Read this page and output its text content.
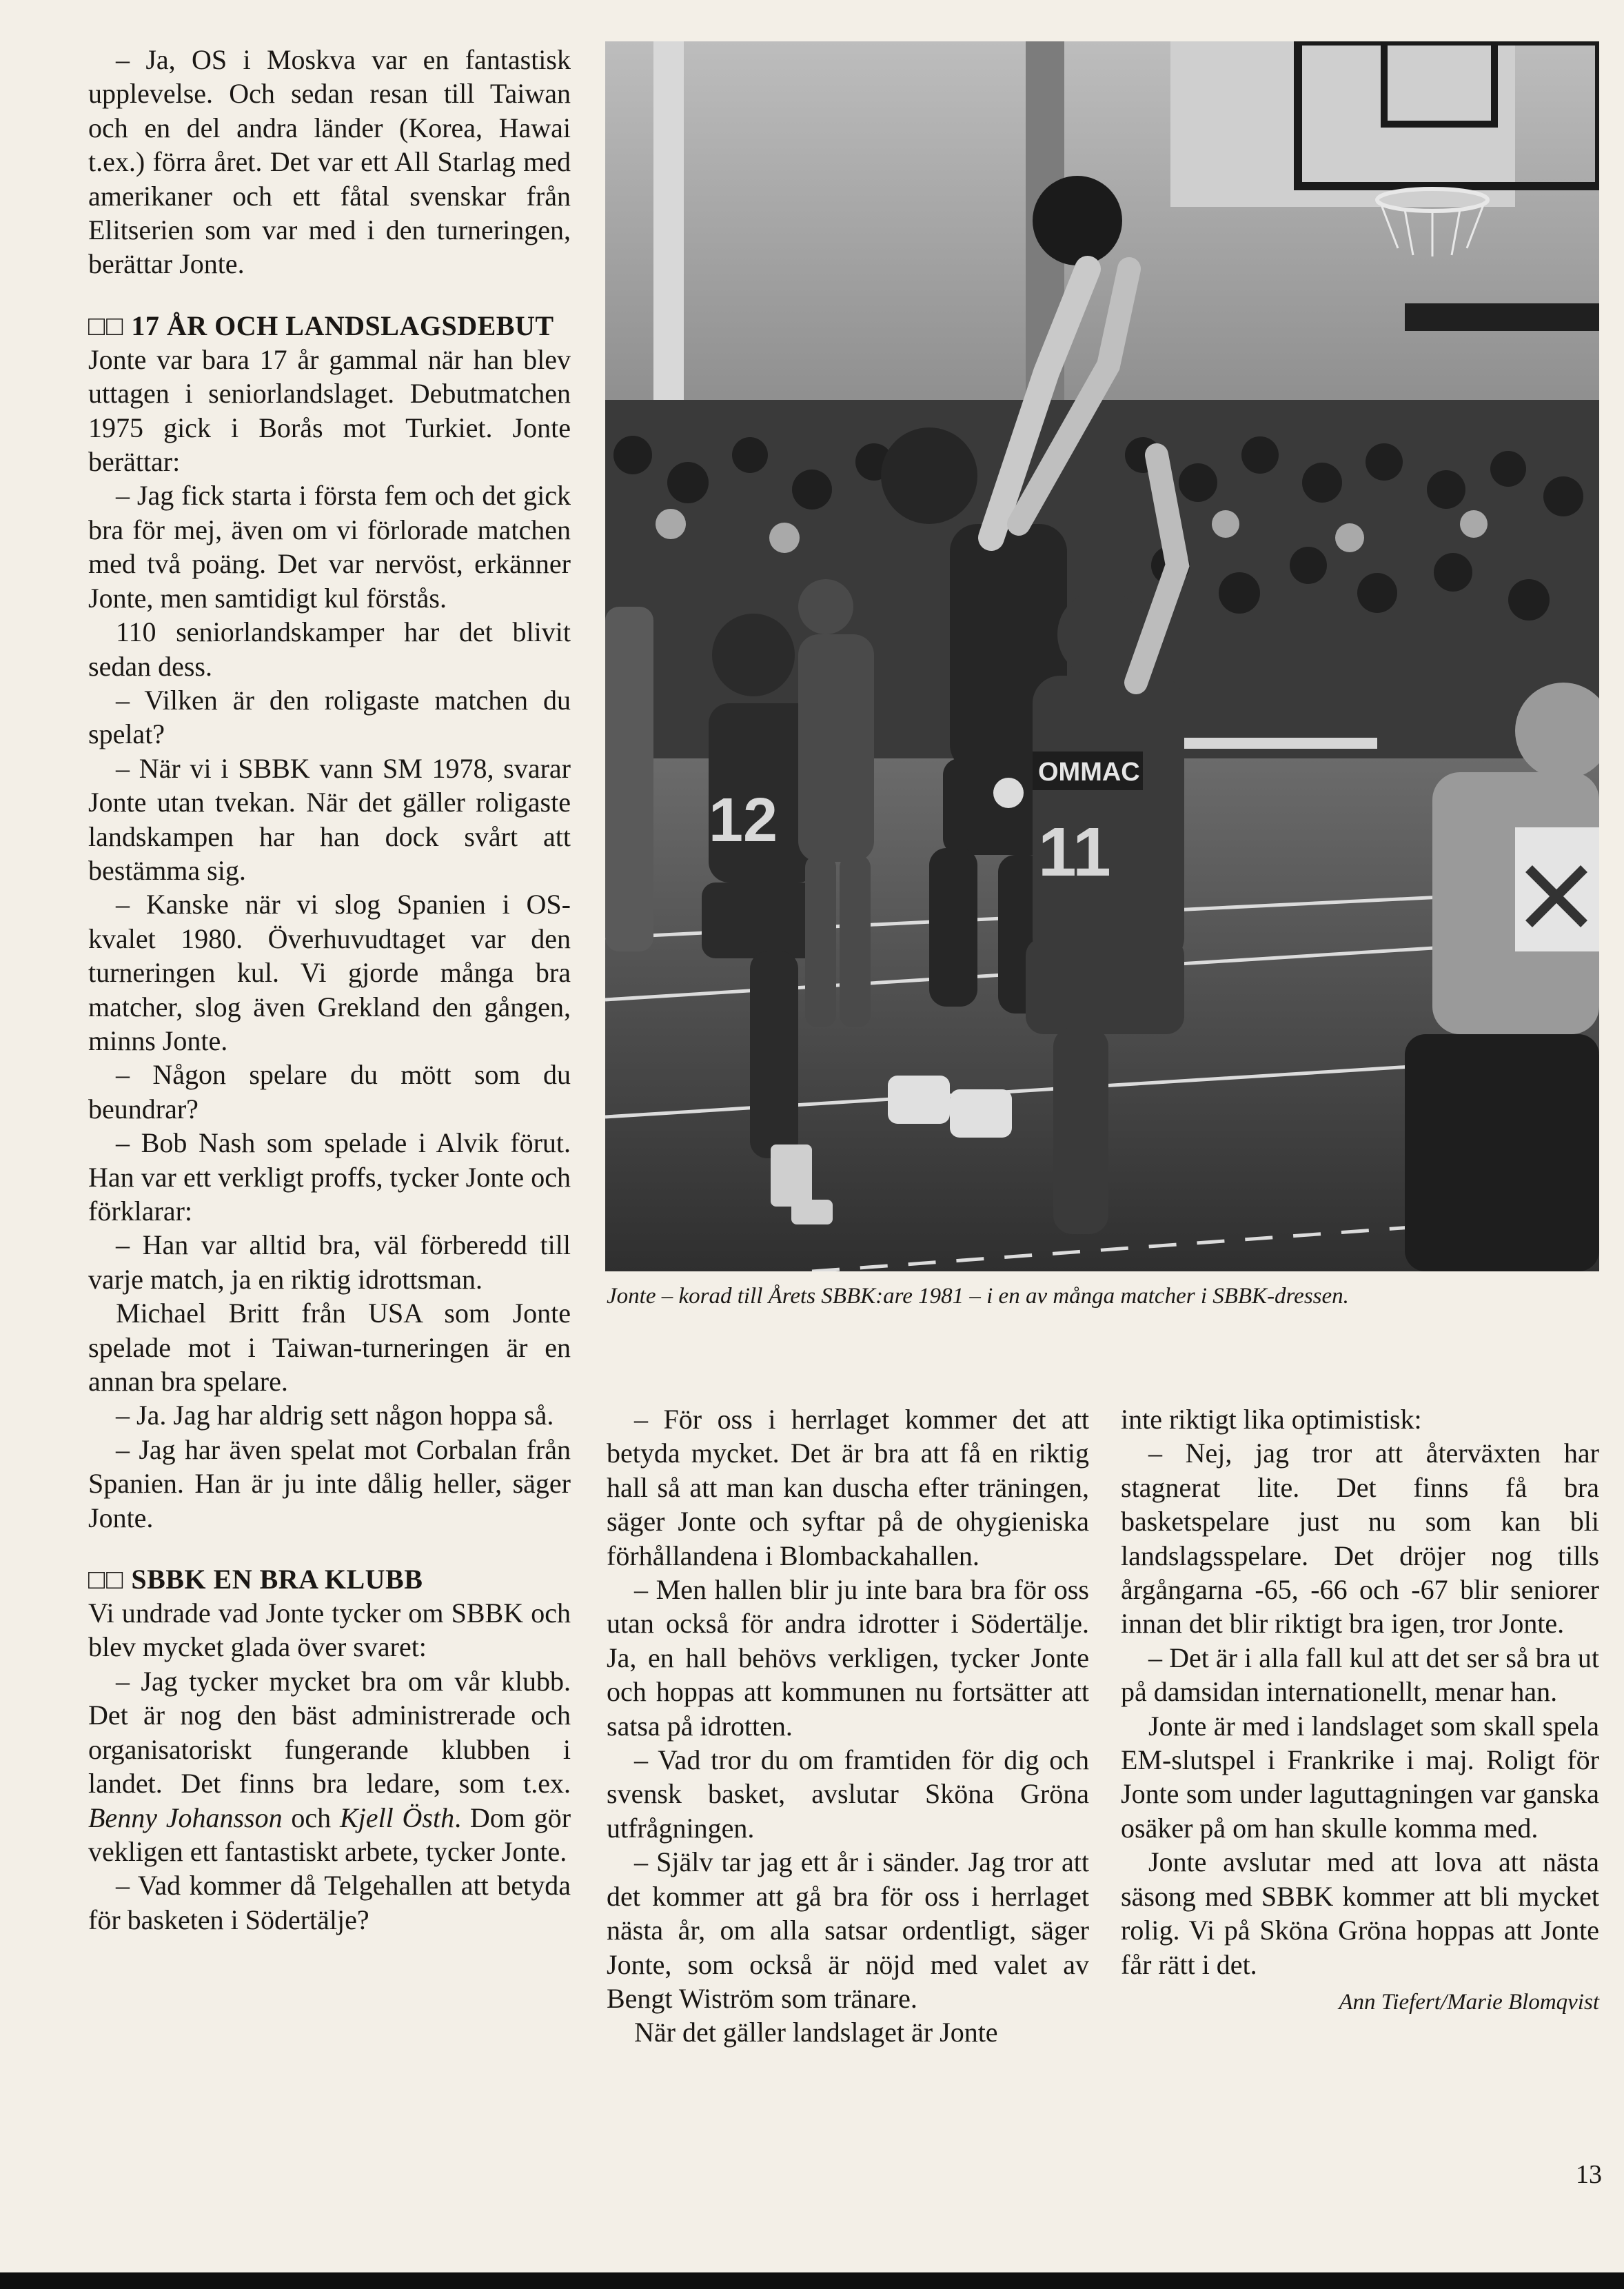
– Ja, OS i Moskva var en fantastisk upplevelse. Och sedan resan till Taiwan och en del andra länder (Korea, Hawai t.ex.) förra året. Det var ett All Starlag med amerikaner och ett fåtal svenskar från Elitserien som var med i den turneringen, berättar Jonte.

□□ 17 ÅR OCH LANDSLAGSDEBUT

Jonte var bara 17 år gammal när han blev uttagen i seniorlandslaget. Debutmatchen 1975 gick i Borås mot Turkiet. Jonte berättar:

– Jag fick starta i första fem och det gick bra för mej, även om vi förlorade matchen med två poäng. Det var nervöst, erkänner Jonte, men samtidigt kul förstås.

110 seniorlandskamper har det blivit sedan dess.

– Vilken är den roligaste matchen du spelat?

– När vi i SBBK vann SM 1978, svarar Jonte utan tvekan. När det gäller roligaste landskampen har han dock svårt att bestämma sig.

– Kanske när vi slog Spanien i OS-kvalet 1980. Överhuvudtaget var den turneringen kul. Vi gjorde många bra matcher, slog även Grekland den gången, minns Jonte.

– Någon spelare du mött som du beundrar?

– Bob Nash som spelade i Alvik förut. Han var ett verkligt proffs, tycker Jonte och förklarar:

– Han var alltid bra, väl förberedd till varje match, ja en riktig idrottsman.

Michael Britt från USA som Jonte spelade mot i Taiwan-turneringen är en annan bra spelare.

– Ja. Jag har aldrig sett någon hoppa så.

– Jag har även spelat mot Corbalan från Spanien. Han är ju inte dålig heller, säger Jonte.

□□ SBBK EN BRA KLUBB

Vi undrade vad Jonte tycker om SBBK och blev mycket glada över svaret:

– Jag tycker mycket bra om vår klubb. Det är nog den bäst administrerade och organisatoriskt fungerande klubben i landet. Det finns bra ledare, som t.ex. Benny Johansson och Kjell Östh. Dom gör vekligen ett fantastiskt arbete, tycker Jonte.

– Vad kommer då Telgehallen att betyda för basketen i Södertälje?

12
OMMAC
11
Jonte – korad till Årets SBBK:are 1981 – i en av många matcher i SBBK-dressen.

– För oss i herrlaget kommer det att betyda mycket. Det är bra att få en riktig hall så att man kan duscha efter träningen, säger Jonte och syftar på de ohygieniska förhållandena i Blombackahallen.

– Men hallen blir ju inte bara bra för oss utan också för andra idrotter i Södertälje. Ja, en hall behövs verkligen, tycker Jonte och hoppas att kommunen nu fortsätter att satsa på idrotten.

– Vad tror du om framtiden för dig och svensk basket, avslutar Sköna Gröna utfrågningen.

– Själv tar jag ett år i sänder. Jag tror att det kommer att gå bra för oss i herrlaget nästa år, om alla satsar ordentligt, säger Jonte, som också är nöjd med valet av Bengt Wiström som tränare.

När det gäller landslaget är Jonte

inte riktigt lika optimistisk:

– Nej, jag tror att återväxten har stagnerat lite. Det finns få bra basketspelare just nu som kan bli landslagsspelare. Det dröjer nog tills årgångarna -65, -66 och -67 blir seniorer innan det blir riktigt bra igen, tror Jonte.

– Det är i alla fall kul att det ser så bra ut på damsidan internationellt, menar han.

Jonte är med i landslaget som skall spela EM-slutspel i Frankrike i maj. Roligt för Jonte som under laguttagningen var ganska osäker på om han skulle komma med.

Jonte avslutar med att lova att nästa säsong med SBBK kommer att bli mycket rolig. Vi på Sköna Gröna hoppas att Jonte får rätt i det.

Ann Tiefert/Marie Blomqvist

13
